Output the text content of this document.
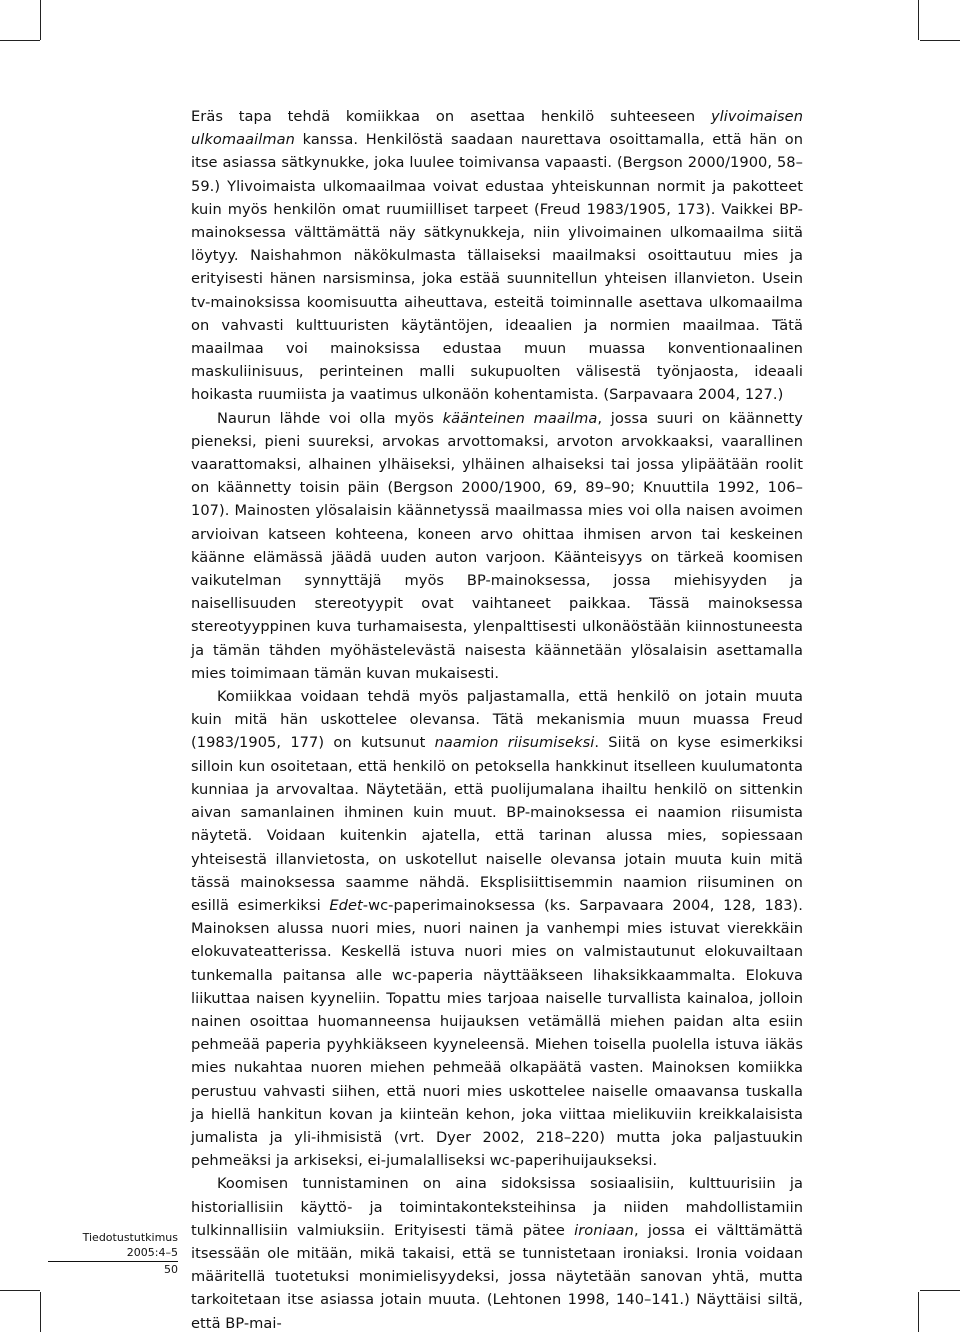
Eräs tapa tehdä komiikkaa on asettaa henkilö suhteeseen ylivoimaisen ulkomaailman kanssa. Henkilöstä saadaan naurettava osoittamalla, että hän on itse asiassa sätkynukke, joka luulee toimivansa vapaasti. (Bergson 2000/1900, 58–59.) Ylivoimaista ulkomaailmaa voivat edustaa yhteiskunnan normit ja pakotteet kuin myös henkilön omat ruumiilliset tarpeet (Freud 1983/1905, 173). Vaikkei BP-mainoksessa välttämättä näy sätkynukkeja, niin ylivoimainen ulkomaailma siitä löytyy. Naishahmon näkökulmasta tällaiseksi maailmaksi osoittautuu mies ja erityisesti hänen narsisminsa, joka estää suunnitellun yhteisen illanvieton. Usein tv-mainoksissa koomisuutta aiheuttava, esteitä toiminnalle asettava ulkomaailma on vahvasti kulttuuristen käytäntöjen, ideaalien ja normien maailmaa. Tätä maailmaa voi mainoksissa edustaa muun muassa konventionaalinen maskuliinisuus, perinteinen malli sukupuolten välisestä työnjaosta, ideaali hoikasta ruumiista ja vaatimus ulkonäön kohentamista. (Sarpavaara 2004, 127.)

Naurun lähde voi olla myös käänteinen maailma, jossa suuri on käännetty pieneksi, pieni suureksi, arvokas arvottomaksi, arvoton arvokkaaksi, vaarallinen vaarattomaksi, alhainen ylhäiseksi, ylhäinen alhaiseksi tai jossa ylipäätään roolit on käännetty toisin päin (Bergson 2000/1900, 69, 89–90; Knuuttila 1992, 106–107). Mainosten ylösalaisin käännetyssä maailmassa mies voi olla naisen avoimen arvioivan katseen kohteena, koneen arvo ohittaa ihmisen arvon tai keskeinen käänne elämässä jäädä uuden auton varjoon. Käänteisyys on tärkeä koomisen vaikutelman synnyttäjä myös BP-mainoksessa, jossa miehisyyden ja naisellisuuden stereotyypit ovat vaihtaneet paikkaa. Tässä mainoksessa stereotyyppinen kuva turhamaisesta, ylenpalttisesti ulkonäöstään kiinnostuneesta ja tämän tähden myöhästelevästä naisesta käännetään ylösalaisin asettamalla mies toimimaan tämän kuvan mukaisesti.

Komiikkaa voidaan tehdä myös paljastamalla, että henkilö on jotain muuta kuin mitä hän uskottelee olevansa. Tätä mekanismia muun muassa Freud (1983/1905, 177) on kutsunut naamion riisumiseksi. Siitä on kyse esimerkiksi silloin kun osoitetaan, että henkilö on petoksella hankkinut itselleen kuulumatonta kunniaa ja arvovaltaa. Näytetään, että puolijumalana ihailtu henkilö on sittenkin aivan samanlainen ihminen kuin muut. BP-mainoksessa ei naamion riisumista näytetä. Voidaan kuitenkin ajatella, että tarinan alussa mies, sopiessaan yhteisestä illanvietosta, on uskotellut naiselle olevansa jotain muuta kuin mitä tässä mainoksessa saamme nähdä. Eksplisiittisemmin naamion riisuminen on esillä esimerkiksi Edet-wc-paperimainoksessa (ks. Sarpavaara 2004, 128, 183). Mainoksen alussa nuori mies, nuori nainen ja vanhempi mies istuvat vierekkäin elokuvateatterissa. Keskellä istuva nuori mies on valmistautunut elokuvailtaan tunkemalla paitansa alle wc-paperia näyttääkseen lihaksikkaammalta. Elokuva liikuttaa naisen kyyneliin. Topattu mies tarjoaa naiselle turvallista kainaloa, jolloin nainen osoittaa huomanneensa huijauksen vetämällä miehen paidan alta esiin pehmeää paperia pyyhkiäkseen kyyneleensä. Miehen toisella puolella istuva iäkäs mies nukahtaa nuoren miehen pehmeää olkapäätä vasten. Mainoksen komiikka perustuu vahvasti siihen, että nuori mies uskottelee naiselle omaavansa tuskalla ja hiellä hankitun kovan ja kiinteän kehon, joka viittaa mielikuviin kreikkalaisista jumalista ja yli-ihmisistä (vrt. Dyer 2002, 218–220) mutta joka paljastuukin pehmeäksi ja arkiseksi, ei-jumalalliseksi wc-paperihuijaukseksi.

Koomisen tunnistaminen on aina sidoksissa sosiaalisiin, kulttuurisiin ja historiallisiin käyttö- ja toimintakonteksteihinsa ja niiden mahdollistamiin tulkinnallisiin valmiuksiin. Erityisesti tämä pätee ironiaan, jossa ei välttämättä itsessään ole mitään, mikä takaisi, että se tunnistetaan ironiaksi. Ironia voidaan määritellä tuotetuksi monimielisyydeksi, jossa näytetään sanovan yhtä, mutta tarkoitetaan itse asiassa jotain muuta. (Lehtonen 1998, 140–141.) Näyttäisi siltä, että BP-mai-

Tiedotustutkimus 2005:4–5
50
